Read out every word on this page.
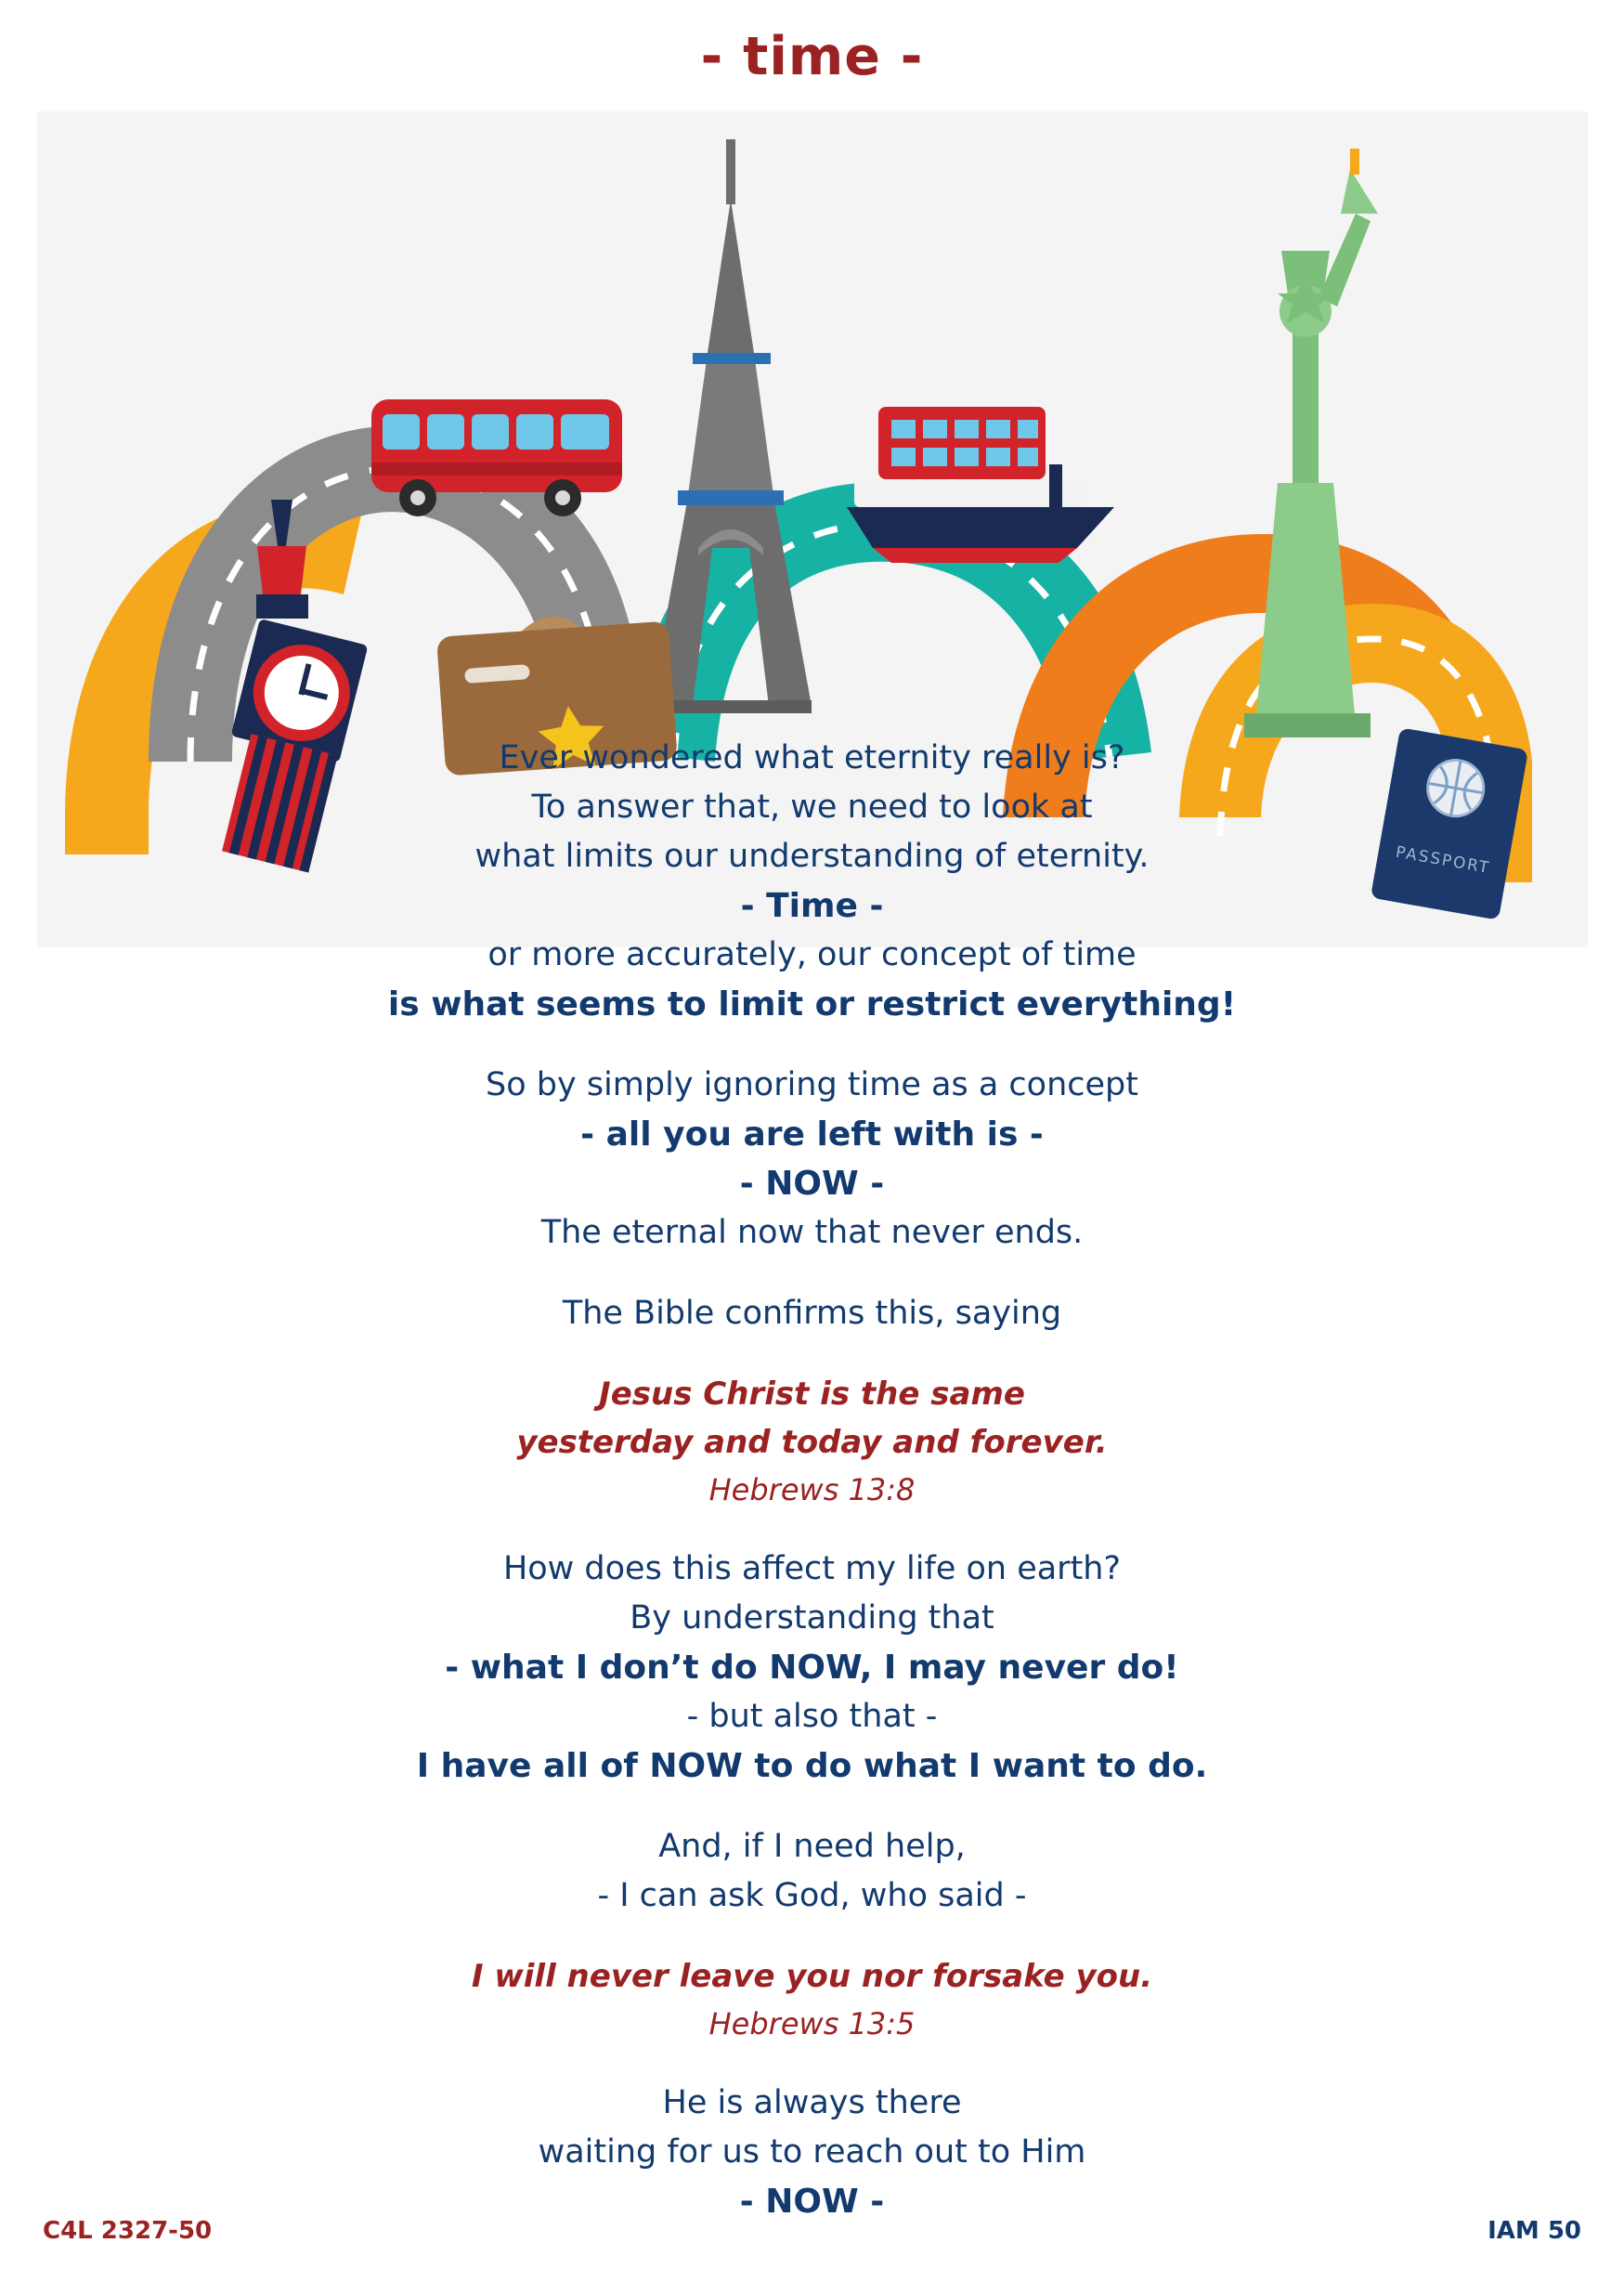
- time -
PASSPORT
Ever wondered what eternity really is?
To answer that, we need to look at
what limits our understanding of eternity.
- Time -
or more accurately, our concept of time
is what seems to limit or restrict everything!
So by simply ignoring time as a concept
- all you are left with is -
- NOW -
The eternal now that never ends.
The Bible confirms this, saying
Jesus Christ is the same
yesterday and today and forever.
Hebrews 13:8
How does this affect my life on earth?
By understanding that
- what I don’t do NOW, I may never do!
- but also that -
I have all of NOW to do what I want to do.
And, if I need help,
- I can ask God, who said -
I will never leave you nor forsake you.
Hebrews 13:5
He is always there
waiting for us to reach out to Him
- NOW -
C4L 2327-50	IAM 50
